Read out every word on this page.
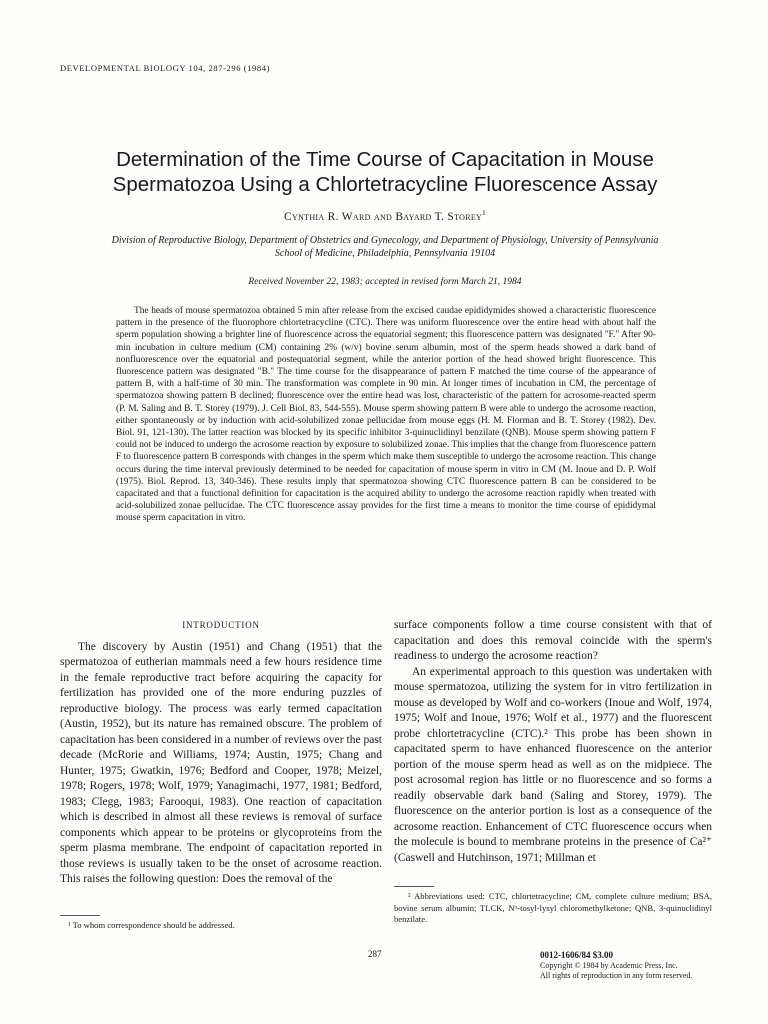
DEVELOPMENTAL BIOLOGY 104, 287-296 (1984)
Determination of the Time Course of Capacitation in Mouse
Spermatozoa Using a Chlortetracycline Fluorescence Assay
Cynthia R. Ward and Bayard T. Storey$^1$
Division of Reproductive Biology, Department of Obstetrics and Gynecology, and Department of Physiology, University of Pennsylvania
School of Medicine, Philadelphia, Pennsylvania 19104
Received November 22, 1983; accepted in revised form March 21, 1984

The heads of mouse spermatozoa obtained 5 min after release from the excised caudae epididymides showed a characteristic fluorescence pattern in the presence of the fluorophore chlortetracycline (CTC). There was uniform fluorescence over the entire head with about half the sperm population showing a brighter line of fluorescence across the equatorial segment; this fluorescence pattern was designated "F." After 90-min incubation in culture medium (CM) containing 2% (w/v) bovine serum albumin, most of the sperm heads showed a dark band of nonfluorescence over the equatorial and postequatorial segment, while the anterior portion of the head showed bright fluorescence. This fluorescence pattern was designated "B." The time course for the disappearance of pattern F matched the time course of the appearance of pattern B, with a half-time of 30 min. The transformation was complete in 90 min. At longer times of incubation in CM, the percentage of spermatozoa showing pattern B declined; fluorescence over the entire head was lost, characteristic of the pattern for acrosome-reacted sperm (P. M. Saling and B. T. Storey (1979). J. Cell Biol. 83, 544-555). Mouse sperm showing pattern B were able to undergo the acrosome reaction, either spontaneously or by induction with acid-solubilized zonae pellucidae from mouse eggs (H. M. Florman and B. T. Storey (1982). Dev. Biol. 91, 121-130). The latter reaction was blocked by its specific inhibitor 3-quinuclidinyl benzilate (QNB). Mouse sperm showing pattern F could not be induced to undergo the acrosome reaction by exposure to solubilized zonae. This implies that the change from fluorescence pattern F to fluorescence pattern B corresponds with changes in the sperm which make them susceptible to undergo the acrosome reaction. This change occurs during the time interval previously determined to be needed for capacitation of mouse sperm in vitro in CM (M. Inoue and D. P. Wolf (1975). Biol. Reprod. 13, 340-346). These results imply that spermatozoa showing CTC fluorescence pattern B can be considered to be capacitated and that a functional definition for capacitation is the acquired ability to undergo the acrosome reaction rapidly when treated with acid-solubilized zonae pellucidae. The CTC fluorescence assay provides for the first time a means to monitor the time course of epididymal mouse sperm capacitation in vitro.

INTRODUCTION

The discovery by Austin (1951) and Chang (1951) that the spermatozoa of eutherian mammals need a few hours residence time in the female reproductive tract before acquiring the capacity for fertilization has provided one of the more enduring puzzles of reproductive biology. The process was early termed capacitation (Austin, 1952), but its nature has remained obscure. The problem of capacitation has been considered in a number of reviews over the past decade (McRorie and Williams, 1974; Austin, 1975; Chang and Hunter, 1975; Gwatkin, 1976; Bedford and Cooper, 1978; Meizel, 1978; Rogers, 1978; Wolf, 1979; Yanagimachi, 1977, 1981; Bedford, 1983; Clegg, 1983; Farooqui, 1983). One reaction of capacitation which is described in almost all these reviews is removal of surface components which appear to be proteins or glycoproteins from the sperm plasma membrane. The endpoint of capacitation reported in those reviews is usually taken to be the onset of acrosome reaction. This raises the following question: Does the removal of the

surface components follow a time course consistent with that of capacitation and does this removal coincide with the sperm's readiness to undergo the acrosome reaction?

An experimental approach to this question was undertaken with mouse spermatozoa, utilizing the system for in vitro fertilization in mouse as developed by Wolf and co-workers (Inoue and Wolf, 1974, 1975; Wolf and Inoue, 1976; Wolf et al., 1977) and the fluorescent probe chlortetracycline (CTC).² This probe has been shown in capacitated sperm to have enhanced fluorescence on the anterior portion of the mouse sperm head as well as on the midpiece. The post acrosomal region has little or no fluorescence and so forms a readily observable dark band (Saling and Storey, 1979). The fluorescence on the anterior portion is lost as a consequence of the acrosome reaction. Enhancement of CTC fluorescence occurs when the molecule is bound to membrane proteins in the presence of Ca²⁺ (Caswell and Hutchinson, 1971; Millman et

¹ To whom correspondence should be addressed.
² Abbreviations used: CTC, chlortetracycline; CM, complete culture medium; BSA, bovine serum albumin; TLCK, Nᵅ-tosyl-lysyl chloromethylketone; QNB, 3-quinuclidinyl benzilate.
287	0012-1606/84 $3.00
Copyright © 1984 by Academic Press, Inc.
All rights of reproduction in any form reserved.
